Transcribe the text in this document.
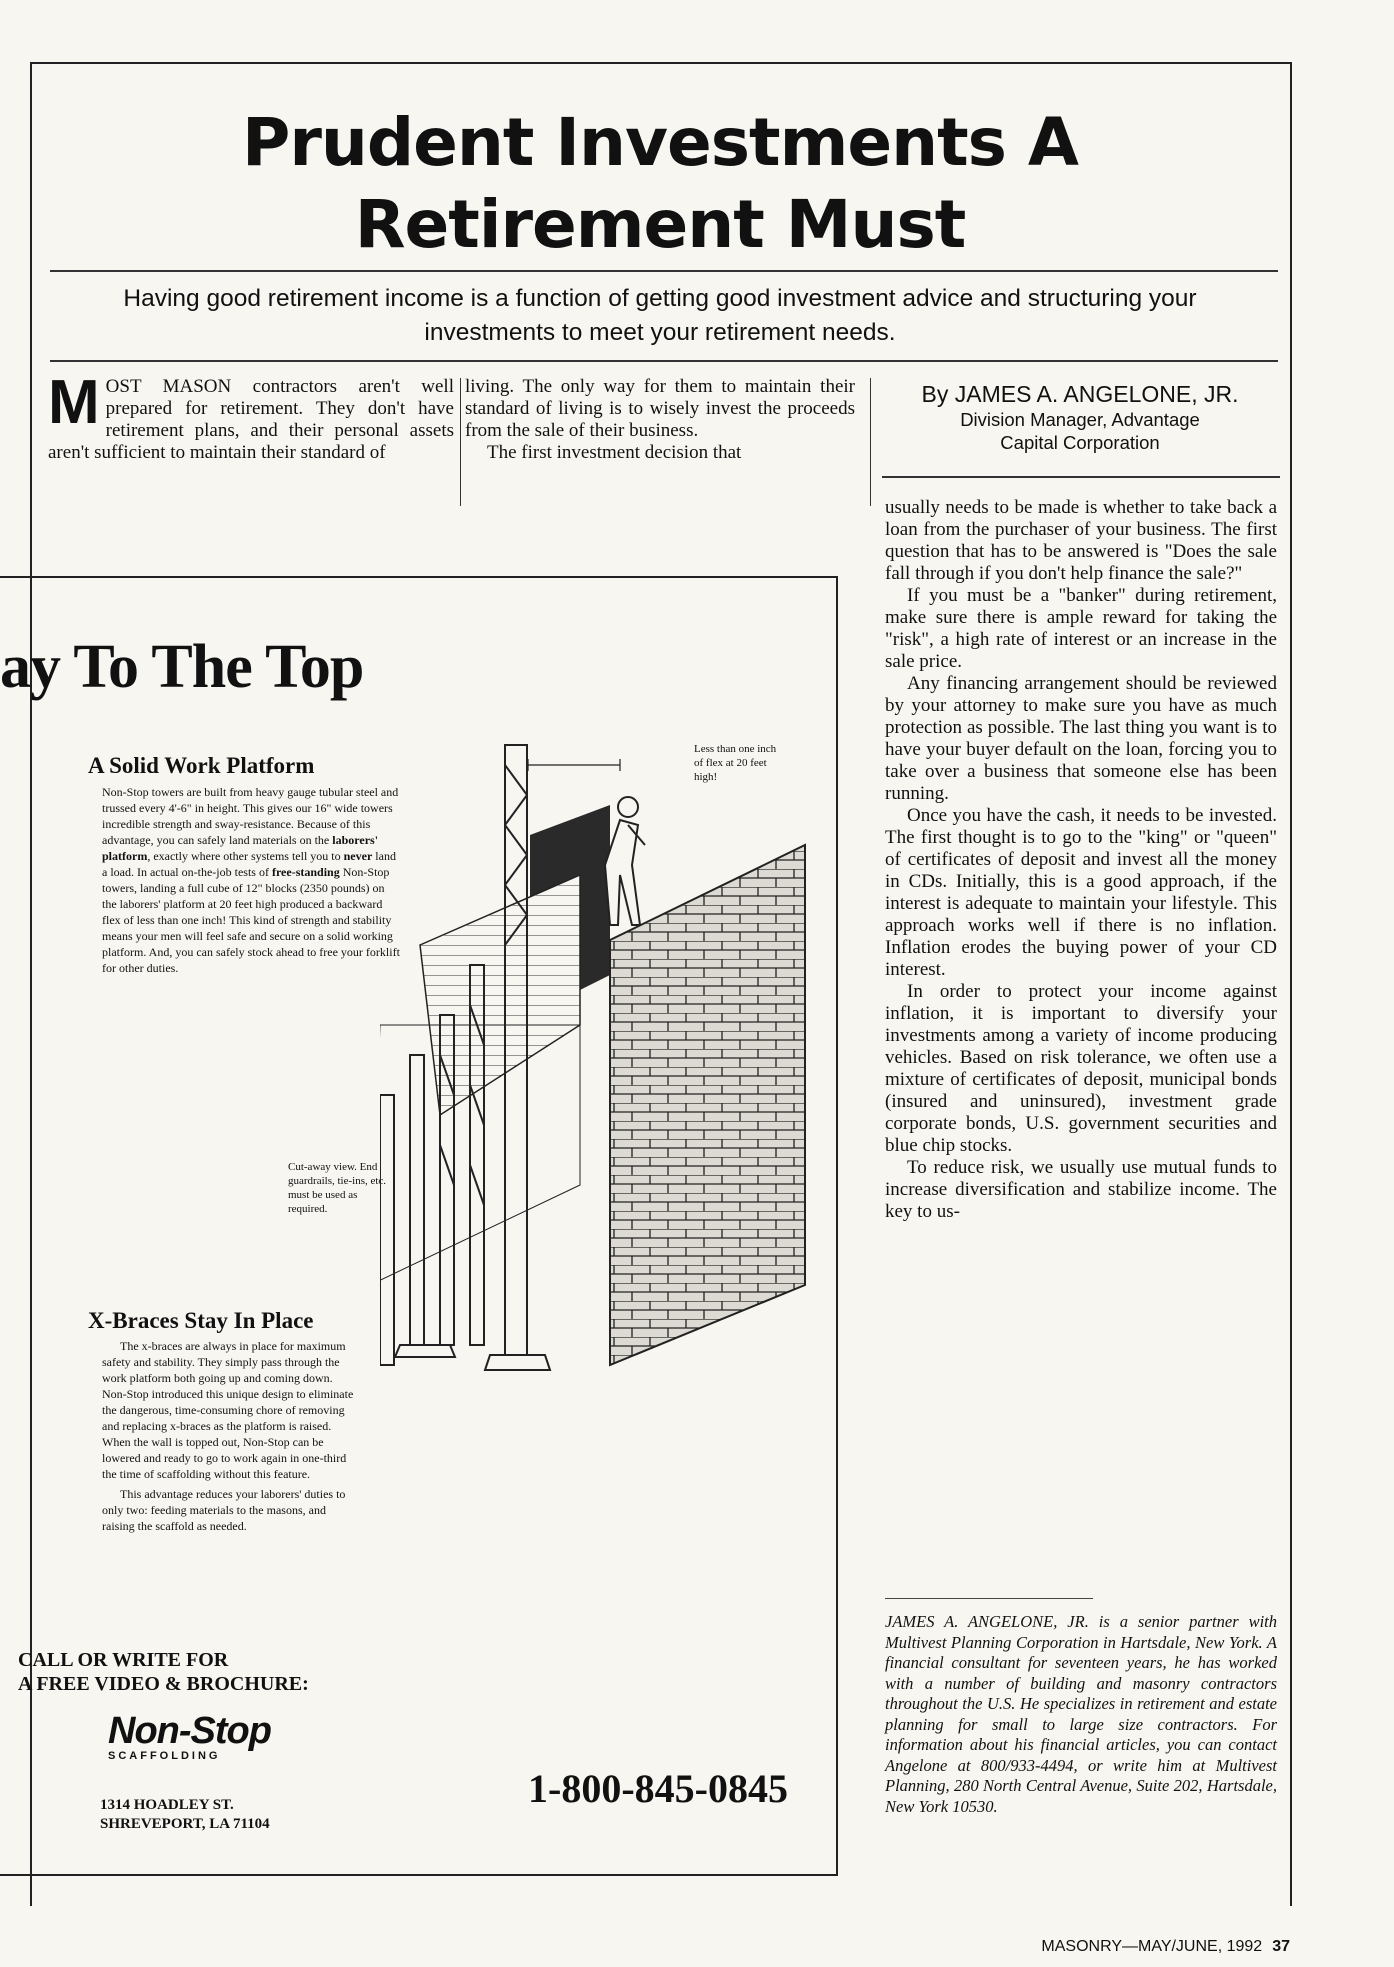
Prudent Investments A
Retirement Must
Having good retirement income is a function of getting good investment advice and structuring your investments to meet your retirement needs.
MOST MASON contractors aren't well prepared for retirement. They don't have retirement plans, and their personal assets aren't sufficient to maintain their standard of
living. The only way for them to maintain their standard of living is to wisely invest the proceeds from the sale of their business.
The first investment decision that
By JAMES A. ANGELONE, JR.
Division Manager, Advantage
Capital Corporation

usually needs to be made is whether to take back a loan from the purchaser of your business. The first question that has to be answered is "Does the sale fall through if you don't help finance the sale?"

If you must be a "banker" during retirement, make sure there is ample reward for taking the "risk", a high rate of interest or an increase in the sale price.

Any financing arrangement should be reviewed by your attorney to make sure you have as much protection as possible. The last thing you want is to have your buyer default on the loan, forcing you to take over a business that someone else has been running.

Once you have the cash, it needs to be invested. The first thought is to go to the "king" or "queen" of certificates of deposit and invest all the money in CDs. Initially, this is a good approach, if the interest is adequate to maintain your lifestyle. This approach works well if there is no inflation. Inflation erodes the buying power of your CD interest.

In order to protect your income against inflation, it is important to diversify your investments among a variety of income producing vehicles. Based on risk tolerance, we often use a mixture of certificates of deposit, municipal bonds (insured and uninsured), investment grade corporate bonds, U.S. government securities and blue chip stocks.

To reduce risk, we usually use mutual funds to increase diversification and stabilize income. The key to us-

JAMES A. ANGELONE, JR. is a senior partner with Multivest Planning Corporation in Hartsdale, New York. A financial consultant for seventeen years, he has worked with a number of building and masonry contractors throughout the U.S. He specializes in retirement and estate planning for small to large size contractors. For information about his financial articles, you can contact Angelone at 800/933-4494, or write him at Multivest Planning, 280 North Central Avenue, Suite 202, Hartsdale, New York 10530.
ay To The Top
A Solid Work Platform
Non-Stop towers are built from heavy gauge tubular steel and trussed every 4'-6" in height. This gives our 16" wide towers incredible strength and sway-resistance. Because of this advantage, you can safely land materials on the laborers' platform, exactly where other systems tell you to never land a load. In actual on-the-job tests of free-standing Non-Stop towers, landing a full cube of 12" blocks (2350 pounds) on the laborers' platform at 20 feet high produced a backward flex of less than one inch! This kind of strength and stability means your men will feel safe and secure on a solid working platform. And, you can safely stock ahead to free your forklift for other duties.
Less than one inch of flex at 20 feet high!
Cut-away view. End guardrails, tie-ins, etc. must be used as required.
X-Braces Stay In Place
The x-braces are always in place for maximum safety and stability. They simply pass through the work platform both going up and coming down. Non-Stop introduced this unique design to eliminate the dangerous, time-consuming chore of removing and replacing x-braces as the platform is raised. When the wall is topped out, Non-Stop can be lowered and ready to go to work again in one-third the time of scaffolding without this feature.
This advantage reduces your laborers' duties to only two: feeding materials to the masons, and raising the scaffold as needed.
CALL OR WRITE FOR
A FREE VIDEO & BROCHURE:
Non-Stop
SCAFFOLDING
1314 HOADLEY ST.
SHREVEPORT, LA 71104
1-800-845-0845
MASONRY—MAY/JUNE, 1992 37
